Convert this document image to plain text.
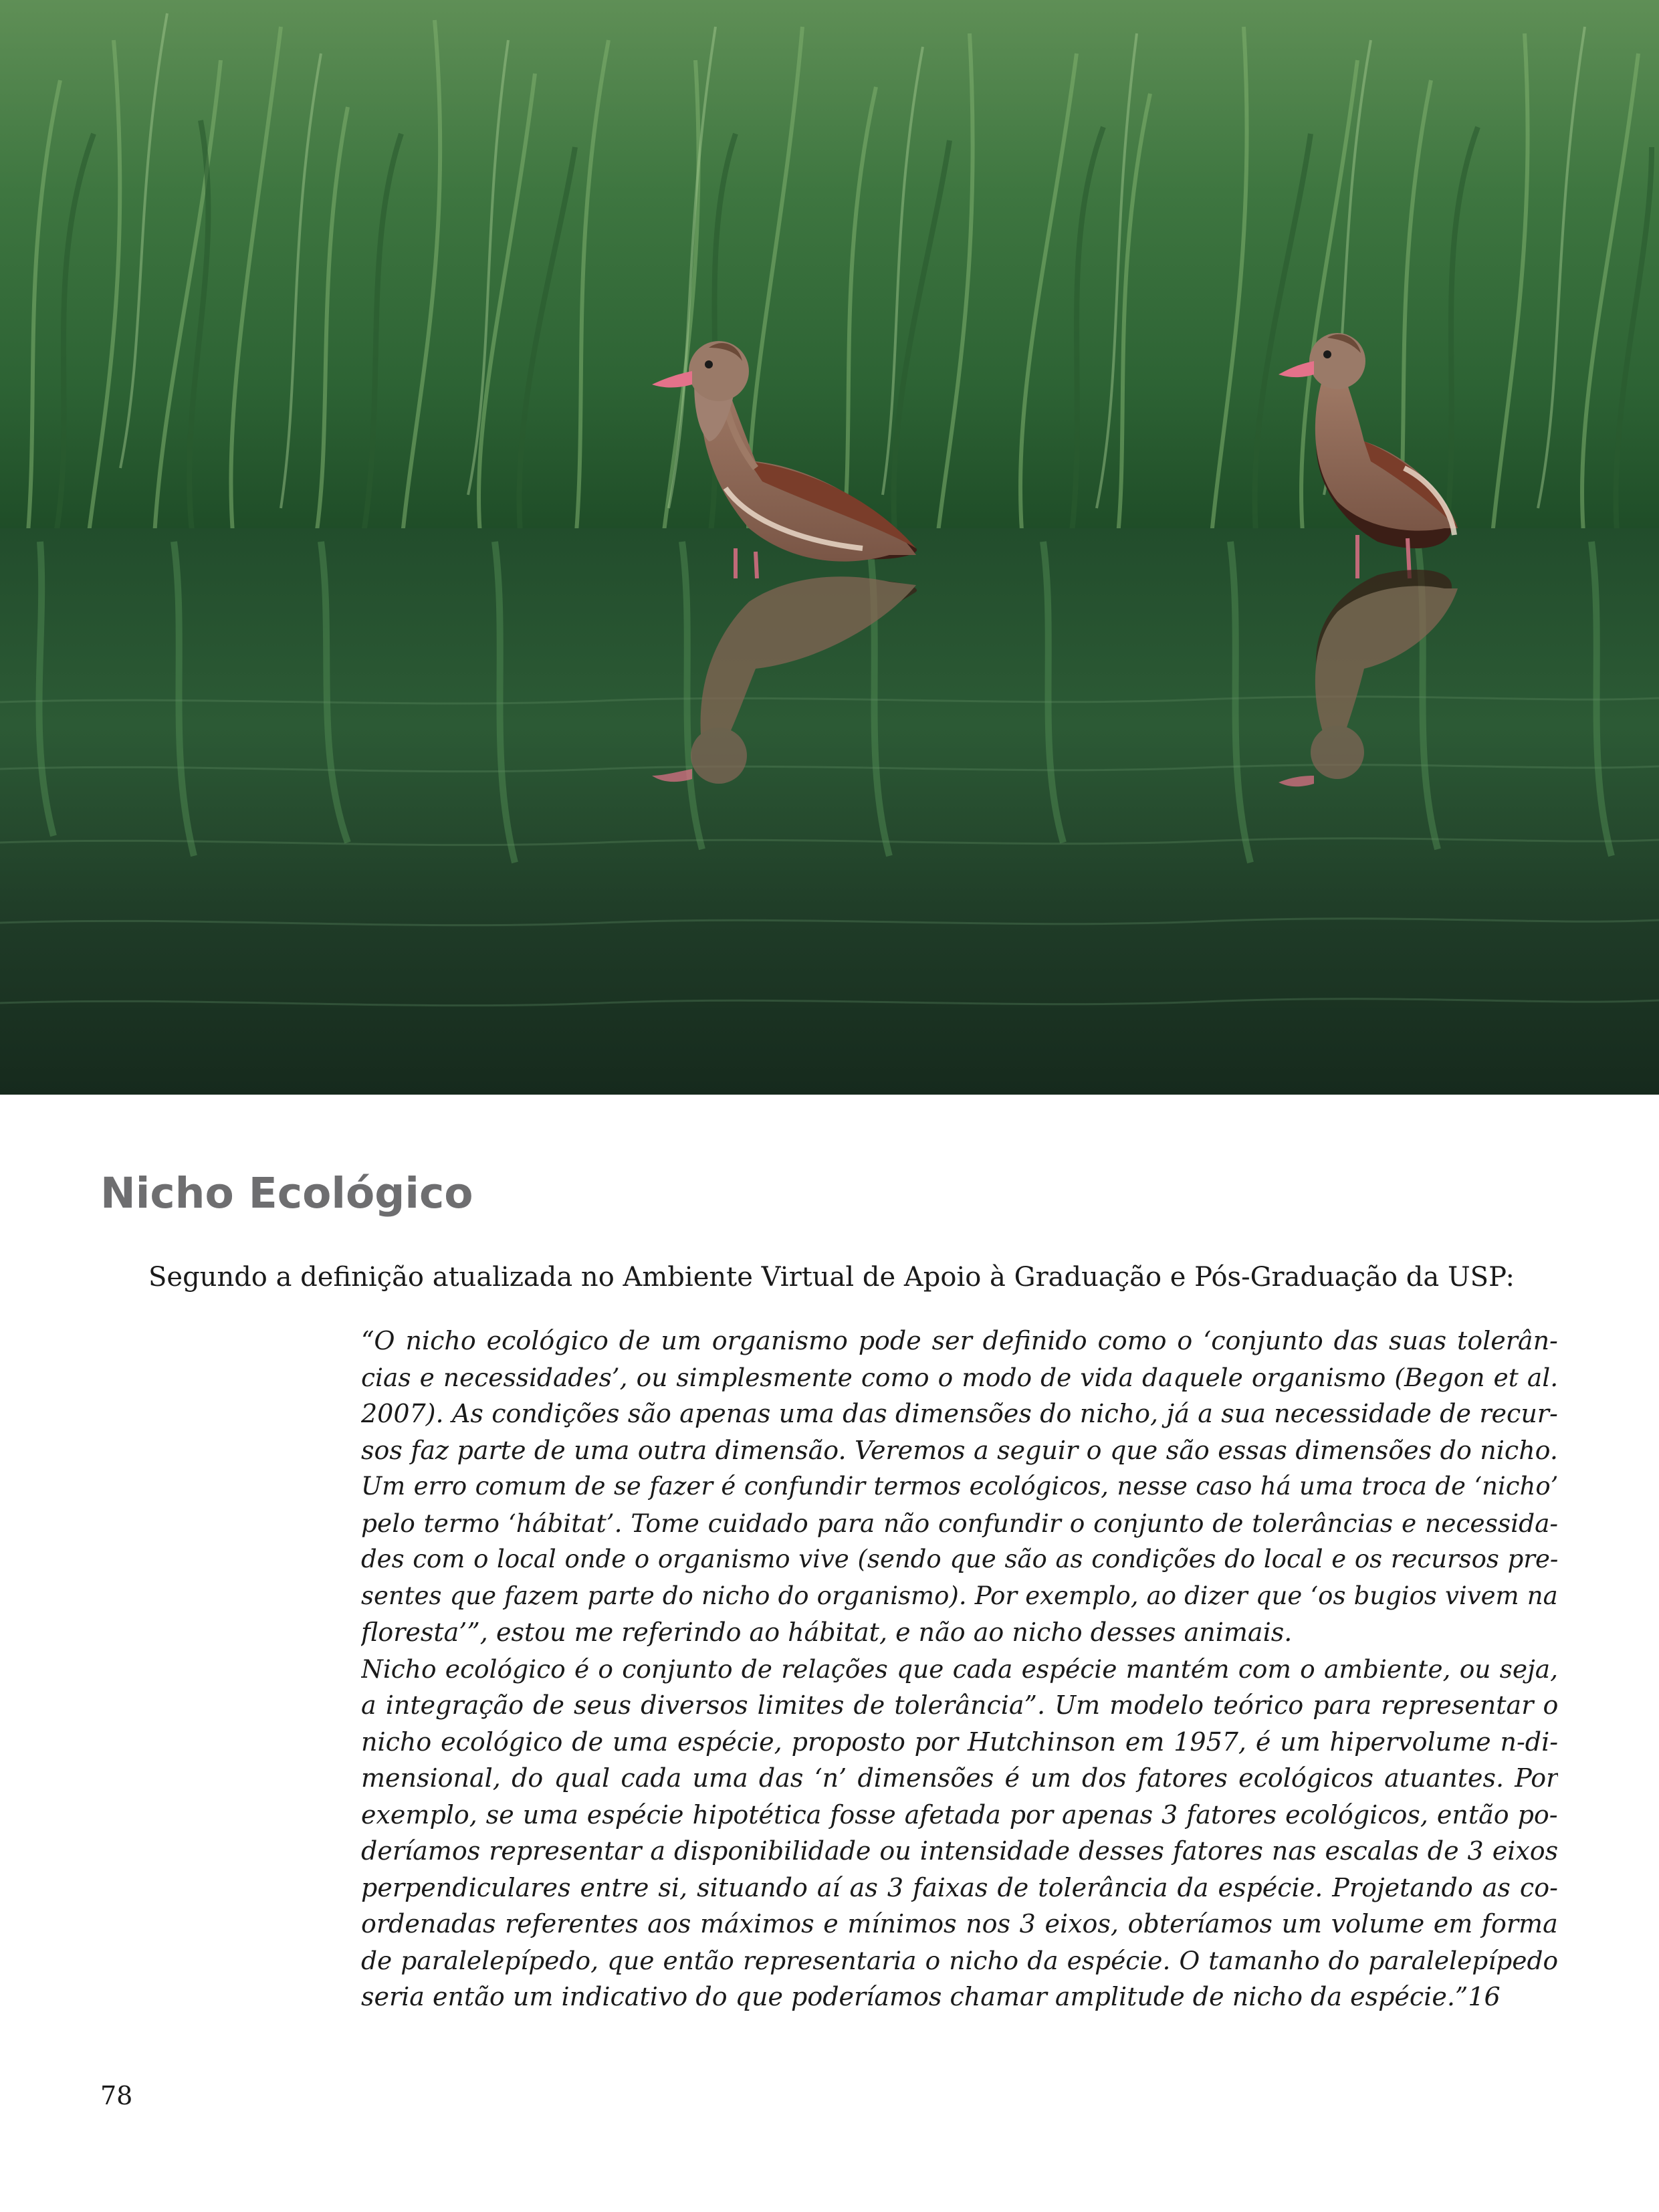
Nicho Ecológico

Segundo a definição atualizada no Ambiente Virtual de Apoio à Graduação e Pós-Graduação da USP:

“O nicho ecológico de um organismo pode ser definido como o ‘conjunto das suas tolerân-
cias e necessidades’, ou simplesmente como o modo de vida daquele organismo (Begon et al.
2007). As condições são apenas uma das dimensões do nicho, já a sua necessidade de recur-
sos faz parte de uma outra dimensão. Veremos a seguir o que são essas dimensões do nicho.
Um erro comum de se fazer é confundir termos ecológicos, nesse caso há uma troca de ‘nicho’
pelo termo ‘hábitat’. Tome cuidado para não confundir o conjunto de tolerâncias e necessida-
des com o local onde o organismo vive (sendo que são as condições do local e os recursos pre-
sentes que fazem parte do nicho do organismo). Por exemplo, ao dizer que ‘os bugios vivem na
floresta’”, estou me referindo ao hábitat, e não ao nicho desses animais.
Nicho ecológico é o conjunto de relações que cada espécie mantém com o ambiente, ou seja,
a integração de seus diversos limites de tolerância”. Um modelo teórico para representar o
nicho ecológico de uma espécie, proposto por Hutchinson em 1957, é um hipervolume n-di-
mensional, do qual cada uma das ‘n’ dimensões é um dos fatores ecológicos atuantes. Por
exemplo, se uma espécie hipotética fosse afetada por apenas 3 fatores ecológicos, então po-
deríamos representar a disponibilidade ou intensidade desses fatores nas escalas de 3 eixos
perpendiculares entre si, situando aí as 3 faixas de tolerância da espécie. Projetando as co-
ordenadas referentes aos máximos e mínimos nos 3 eixos, obteríamos um volume em forma
de paralelepípedo, que então representaria o nicho da espécie. O tamanho do paralelepípedo
seria então um indicativo do que poderíamos chamar amplitude de nicho da espécie.”16
78
